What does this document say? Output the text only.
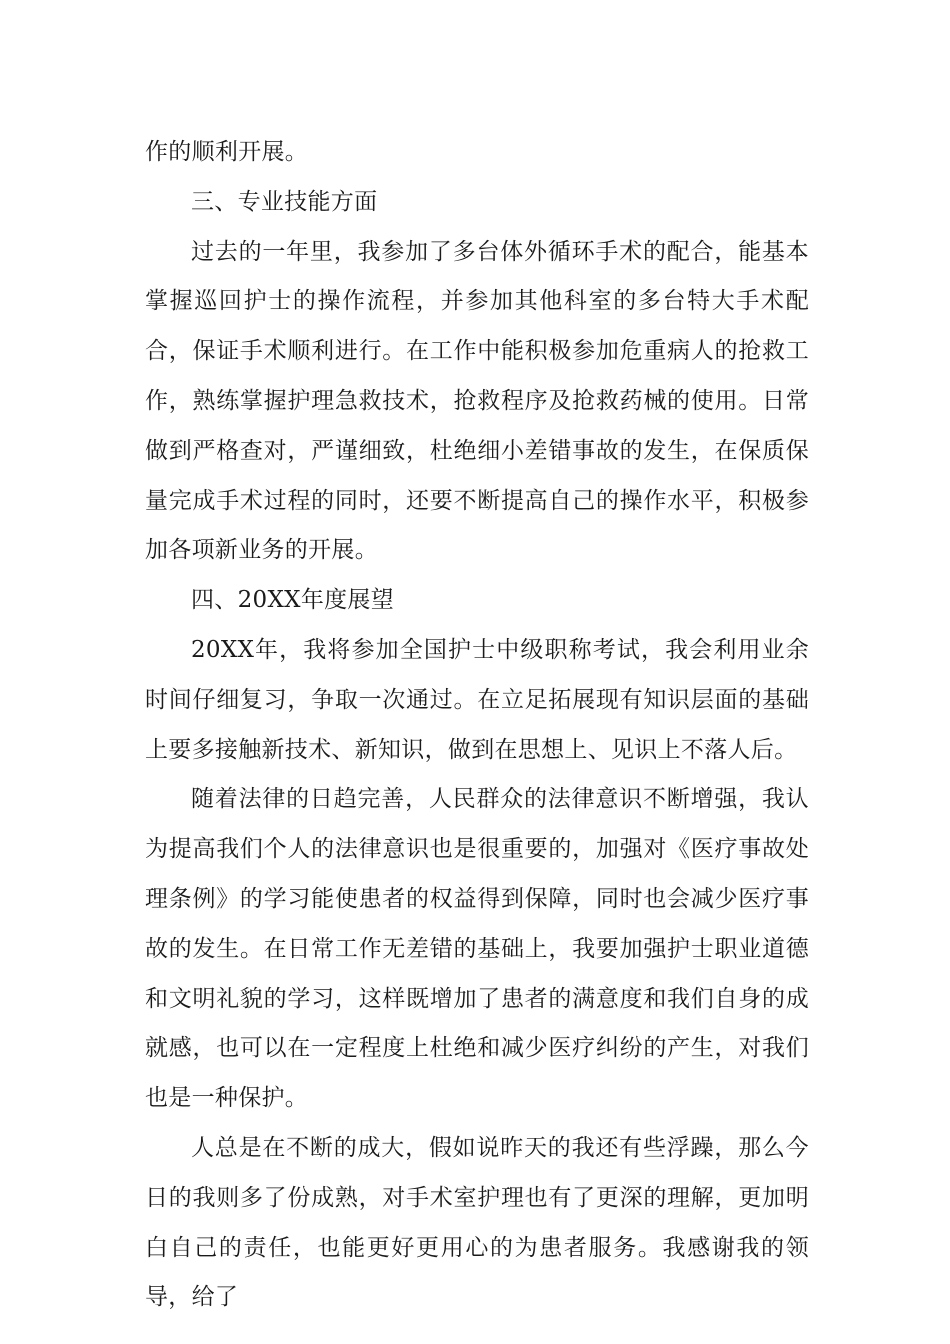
作的顺利开展。

三、专业技能方面

过去的一年里，我参加了多台体外循环手术的配合，能基本掌握巡回护士的操作流程，并参加其他科室的多台特大手术配合，保证手术顺利进行。在工作中能积极参加危重病人的抢救工作，熟练掌握护理急救技术，抢救程序及抢救药械的使用。日常做到严格查对，严谨细致，杜绝细小差错事故的发生，在保质保量完成手术过程的同时，还要不断提高自己的操作水平，积极参加各项新业务的开展。

四、20XX年度展望

20XX年，我将参加全国护士中级职称考试，我会利用业余时间仔细复习，争取一次通过。在立足拓展现有知识层面的基础上要多接触新技术、新知识，做到在思想上、见识上不落人后。

随着法律的日趋完善，人民群众的法律意识不断增强，我认为提高我们个人的法律意识也是很重要的，加强对《医疗事故处理条例》的学习能使患者的权益得到保障，同时也会减少医疗事故的发生。在日常工作无差错的基础上，我要加强护士职业道德和文明礼貌的学习，这样既增加了患者的满意度和我们自身的成就感，也可以在一定程度上杜绝和减少医疗纠纷的产生，对我们也是一种保护。

人总是在不断的成大，假如说昨天的我还有些浮躁，那么今日的我则多了份成熟，对手术室护理也有了更深的理解，更加明白自己的责任，也能更好更用心的为患者服务。我感谢我的领导，给了
